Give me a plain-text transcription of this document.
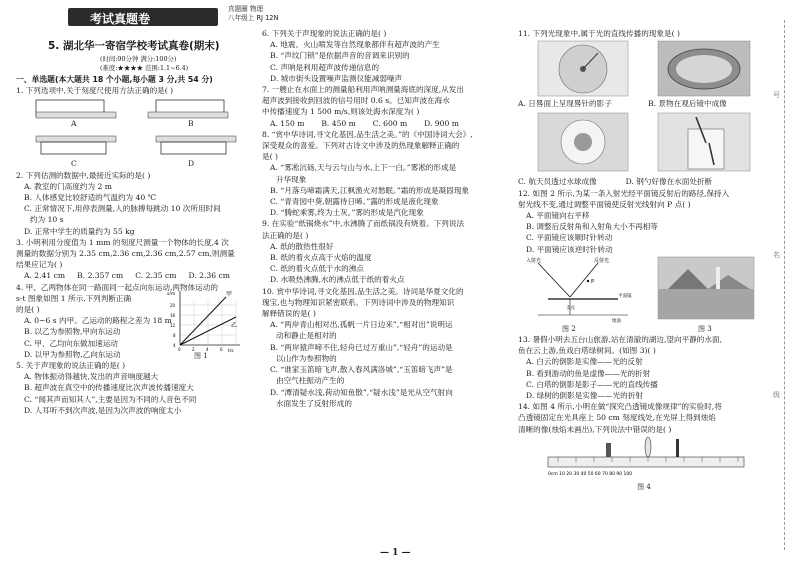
考试真题卷
真题圈 物理
八年级上 RJ 12N
5. 湖北华一寄宿学校考试真卷(期末)
(时间:90分钟 满分:100分)
(难度:★★★★ 范围:1.1~6.4)

一、单选题(本大题共 18 个小题,每小题 3 分,共 54 分)

1. 下列选项中,关于刻度尺使用方法正确的是( )

A	B
C	D

2. 下列估测的数据中,最接近实际的是( )

A. 教室的门高度约为 2 m

B. 人体感觉比较舒适的气温约为 40 ℃

C. 正常情况下,用停表测量,人的脉搏每跳动 10 次所用时间

约为 10 s

D. 正常中学生的质量约为 55 kg

3. 小明利用分度值为 1 mm 的刻度尺测量一个物体的长度,4 次

测量的数据分别为 2.35 cm,2.36 cm,2.36 cm,2.57 cm,则测量

结果应记为( )

A. 2.41 cm B. 2.357 cm C. 2.35 cm D. 2.36 cm

4. 甲、乙两物体在同一路面同一起点向东运动,两物体运动的

s-t 图象如图 1 所示,下列判断正确

的是( )

A. 0~6 s 内甲、乙运动的路程之差为 18 m

B. 以乙为参照物,甲向东运动

C. 甲、乙均向东做加速运动

D. 以甲为参照物,乙向东运动

s/m
t/s
甲
乙
20
16
12
8
4
0	2	4	6
图 1

5. 关于声现象的说法正确的是( )

A. 物体振动得越快,发出的声音响度越大

B. 超声波在真空中的传播速度比次声波传播速度大

C. “闻其声而知其人”,主要是因为不同的人音色不同

D. 人耳听不到次声波,是因为次声波的响度太小

6. 下列关于声现象的说法正确的是( )

A. 地震、火山喷发等自然现象都伴有超声波的产生

B. “声纹门锁”是依据声音的音调来识别的

C. 声呐是利用超声波传递信息的

D. 城市街头设置噪声监测仪能减弱噪声

7. 一艘止在水面上的测量船利用声呐测量海底的深度,从发出

超声波到接收到回波的信号用时 0.6 s。已知声波在海水

中传播速度为 1 500 m/s,则该处海水深度为( )

A. 150 m B. 450 m C. 600 m D. 900 m

8. “赏中华诗词,寻文化基因,品生活之美。”的《中国诗词大会》,

深受观众的喜爱。下列对古诗文中涉及的热现象解释正确的

是( )

A. “雾凇沆砀,天与云与山与水,上下一白。”雾凇的形成是

升华现象

B. “月落乌啼霜满天,江枫渔火对愁眠。”霜的形成是凝固现象

C. “青青园中葵,朝露待日晞。”露的形成是液化现象

D. “腾蛇乘雾,终为土灰。”雾的形成是汽化现象

9. 在实验“纸锅烧水”中,水沸腾了而纸锅没有烧着。下列说法

法正确的是( )

A. 纸的散热性很好

B. 纸的着火点高于火焰的温度

C. 纸的着火点低于水的沸点

D. 水吸热沸腾,水的沸点低于纸的着火点

10. 赏中华诗词,寻文化基因,品生活之美。诗词是华夏文化的

瑰宝,也与物理知识紧密联系。下列诗词中涉及的物理知识

解释错误的是( )

A. “两岸青山相对出,孤帆一片日边来”,“相对出”说明运

动和静止是相对的

B. “两岸猿声啼不住,轻舟已过万重山”,“轻舟”的运动是

以山作为参照物的

C. “谁家玉笛暗飞声,散入春风满洛城”,“玉笛暗飞声”是

由空气柱振动产生的

D. “潭清疑水浅,荷动知鱼散”,“疑水浅”是光从空气射向

水面发生了反射形成的

11. 下列光现象中,属于光的直线传播的现象是( )

A. 日晷面上呈现晷针的影子	B. 景物在观后镜中成像

C. 航天员透过水球成像	D. 钢勺好像在水面处折断

12. 如图 2 所示,为某一条入射光经平面镜反射后的路径,保持入

射光线不变,通过调整平面镜使反射光线射向 P 点( )

A. 平面镜向右平移

B. 调整后反射角和入射角大小不再相等

C. 平面镜应该顺时针转动

D. 平面镜应该逆时针转动

入射光	反射光
P
平面镜
支点
地面
图 2	图 3

13. 暑假小明去五台山旅游,站在清澈的湖边,望向平静的水面,

鱼在云上游,鱼戏白塔绿树间。(如图 3)( )

A. 白云的倒影是实像——光的反射

B. 看到游动的鱼是虚像——光的折射

C. 白塔的倒影是影子——光的直线传播

D. 绿树的倒影是实像——光的折射

14. 如图 4 所示,小明在做“探究凸透镜成像规律”的实验时,将

凸透镜固定在光具座上 50 cm 刻度线处,在光屏上得到烛焰

清晰的像(烛焰未画出),下列说法中错误的是( )

0cm 10 20 30 40 50 60 70 80 90 100
图 4
号
名
级
— 1 —
